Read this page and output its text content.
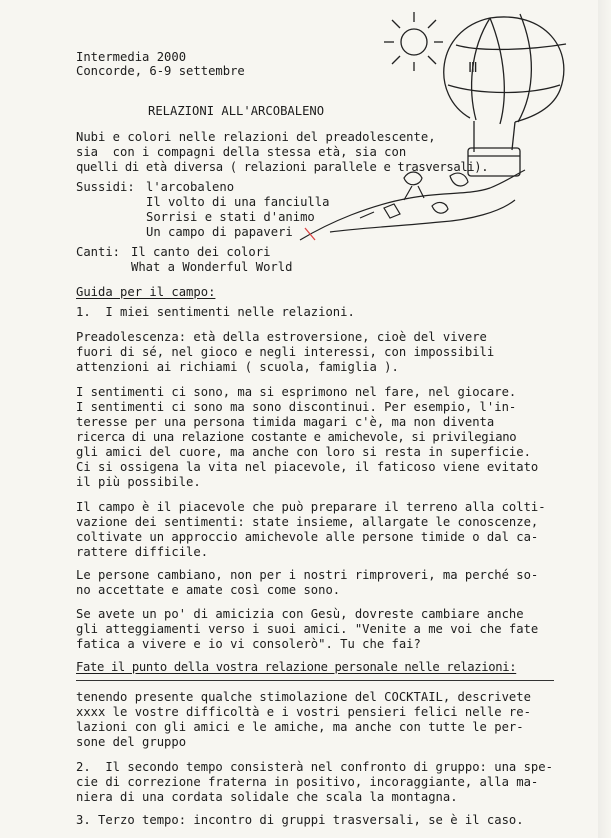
Ⅲ
Intermedia 2000
Concorde, 6-9 settembre
RELAZIONI ALL'ARCOBALENO
Nubi e colori nelle relazioni del preadolescente,
sia  con i compagni della stessa età, sia con
quelli di età diversa ( relazioni parallele e trasversali).
Sussidi: l'arcobaleno
Il volto di una fanciulla
Sorrisi e stati d'animo
Un campo di papaveri
Canti: Il canto dei colori
What a Wonderful World
Guida per il campo:
1.  I miei sentimenti nelle relazioni.
Preadolescenza: età della estroversione, cioè del vivere
fuori di sé, nel gioco e negli interessi, con impossibili
attenzioni ai richiami ( scuola, famiglia ).
I sentimenti ci sono, ma si esprimono nel fare, nel giocare.
I sentimenti ci sono ma sono discontinui. Per esempio, l'in-
teresse per una persona timida magari c'è, ma non diventa
ricerca di una relazione costante e amichevole, si privilegiano
gli amici del cuore, ma anche con loro si resta in superficie.
Ci si ossigena la vita nel piacevole, il faticoso viene evitato
il più possibile.
Il campo è il piacevole che può preparare il terreno alla colti-
vazione dei sentimenti: state insieme, allargate le conoscenze,
coltivate un approccio amichevole alle persone timide o dal ca-
rattere difficile.
Le persone cambiano, non per i nostri rimproveri, ma perché so-
no accettate e amate così come sono.
Se avete un po' di amicizia con Gesù, dovreste cambiare anche
gli atteggiamenti verso i suoi amici. "Venite a me voi che fate
fatica a vivere e io vi consolerò". Tu che fai?
Fate il punto della vostra relazione personale nelle relazioni:
tenendo presente qualche stimolazione del COCKTAIL, descrivete
xxxx le vostre difficoltà e i vostri pensieri felici nelle re-
lazioni con gli amici e le amiche, ma anche con tutte le per-
sone del gruppo
2.  Il secondo tempo consisterà nel confronto di gruppo: una spe-
cie di correzione fraterna in positivo, incoraggiante, alla ma-
niera di una cordata solidale che scala la montagna.
3. Terzo tempo: incontro di gruppi trasversali, se è il caso.
